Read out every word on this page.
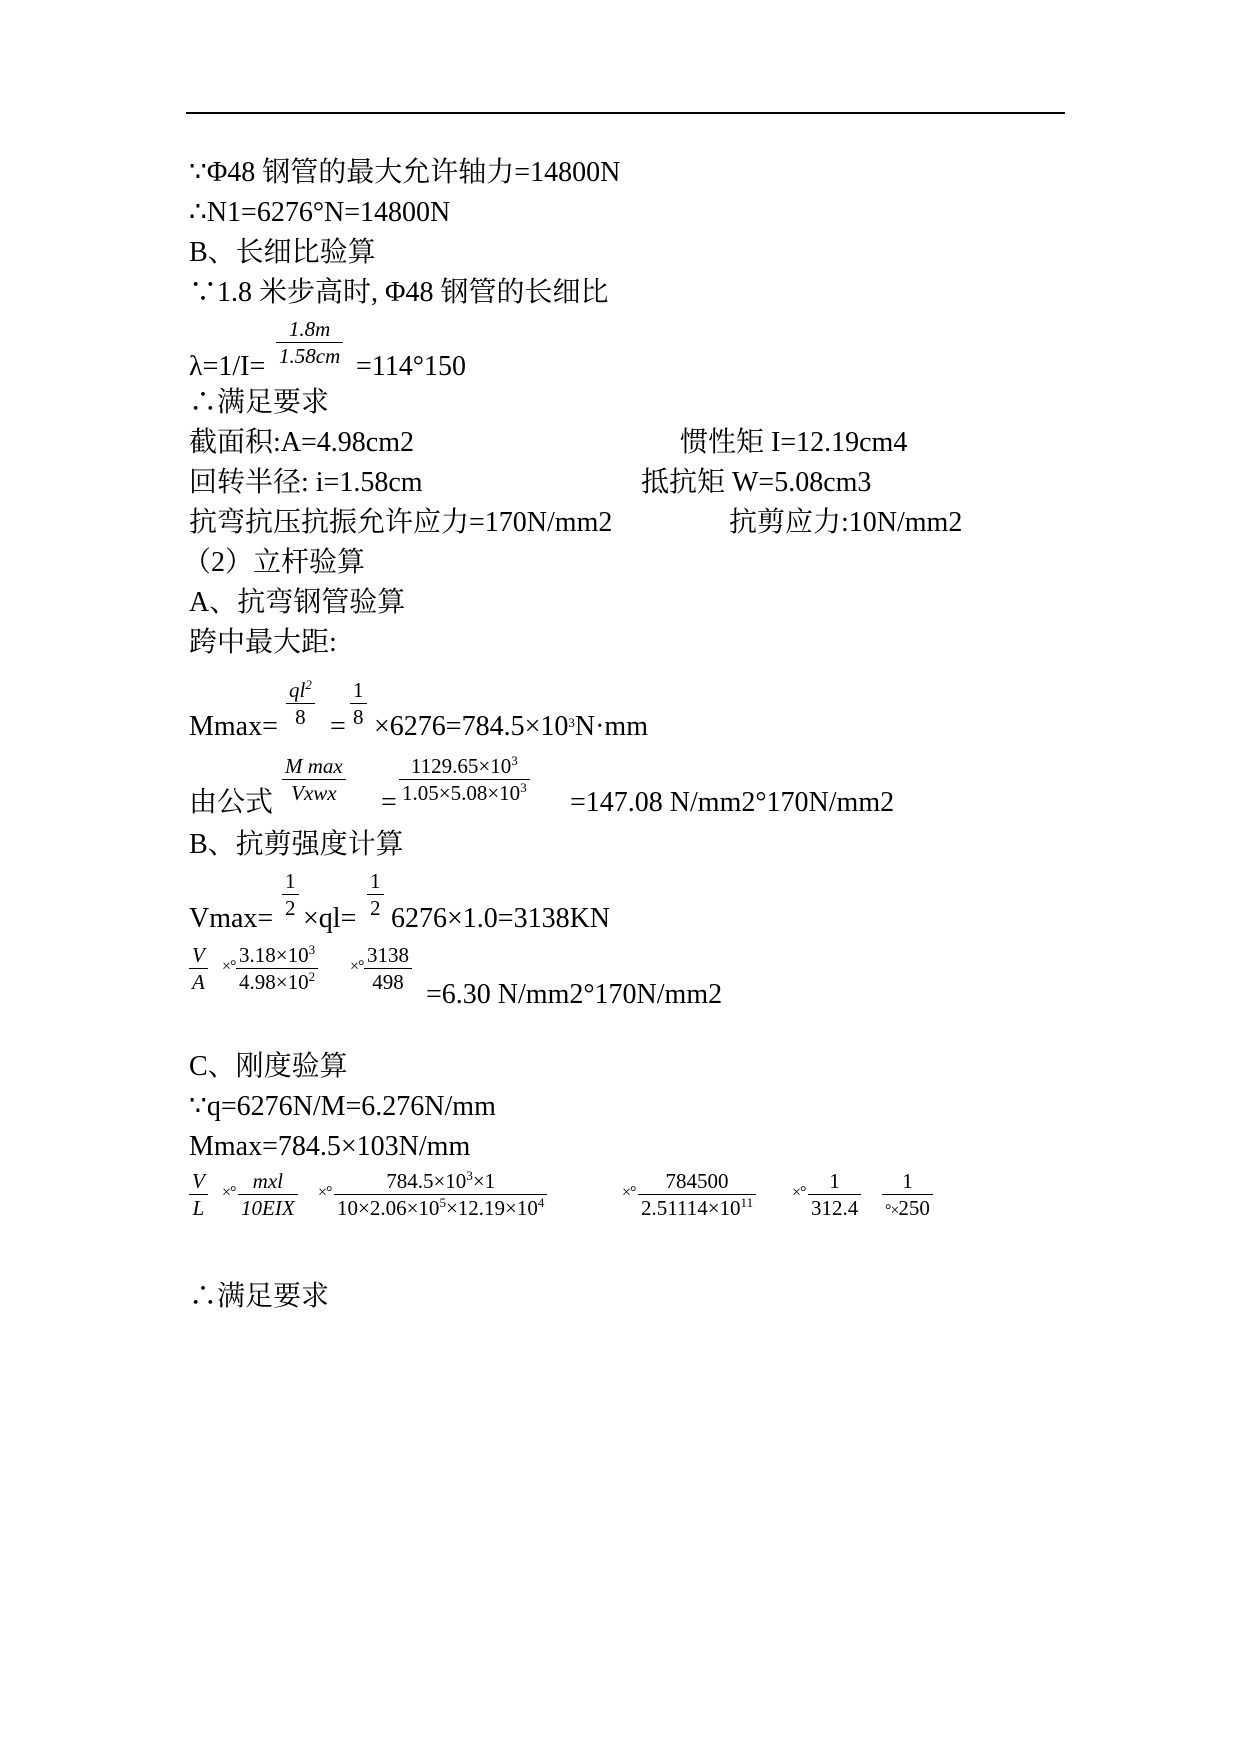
∵Φ48 钢管的最大允许轴力=14800N
∴N1=6276°N=14800N
B、长细比验算
∵1.8 米步高时, Φ48 钢管的长细比
$\lambda=1/I= \frac{1.8m}{1.58cm} =114^\circ 150$
∴满足要求
截面积:A=4.98cm2	惯性矩 I=12.19cm4
回转半径: i=1.58cm	抵抗矩 W=5.08cm3
抗弯抗压抗振允许应力=170N/mm2	抗剪应力:10N/mm2
（2）立杆验算
A、抗弯钢管验算
跨中最大距:
$Mmax= \frac{ql^2}{8} = \frac{1}{8} \times 6276=784.5\times 10^3N\cdot mm$
由公式
M max
Vxwx	= $\frac{1129.65\times 10^3}{1.05\times 5.08\times 10^3} =147.08$ N/mm2°170N/mm2
B、抗剪强度计算
$Vmax= \frac{1}{2} \times ql= \frac{1}{2} 6276\times 1.0=3138KN$
$\frac{V}{A}$ ×° $\frac{3.18\times 10^3}{4.98\times 10^2}$ ×° $\frac{3138}{498} =6.30$ N/mm2°170N/mm2
C、刚度验算
∵q=6276N/M=6.276N/mm
Mmax=784.5×103N/mm
$\frac{V}{L}$ ×° mxl
10EIX
×° $\frac{784.5\times 10^3\times 1}{10\times 2.06\times 10^5\times 12.19\times 10^4}$	×° $\frac{784500}{2.51114\times 10^{11}}$ ×° $\frac{1}{312.4} \frac{1}{^\circ\times 250}$
∴满足要求
